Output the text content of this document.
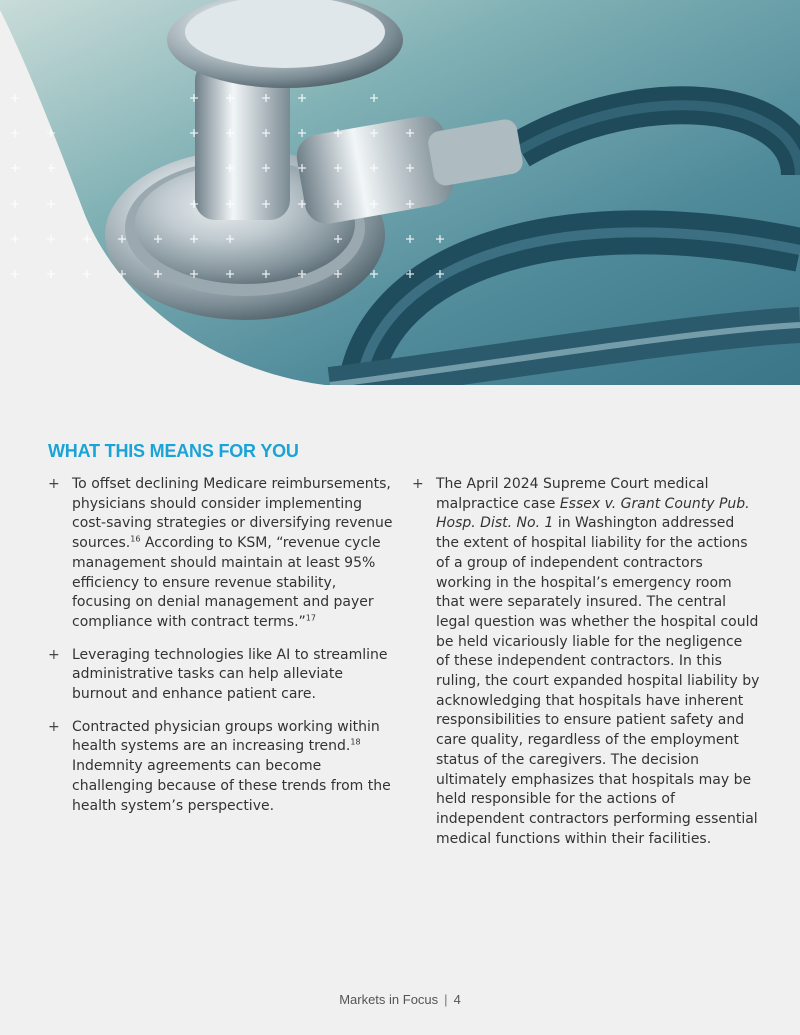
WHAT THIS MEANS FOR YOU
+ To offset declining Medicare reimbursements, physicians should consider implementing cost-saving strategies or diversifying revenue sources.$^{16}$ According to KSM, “revenue cycle management should maintain at least 95% efficiency to ensure revenue stability, focusing on denial management and payer compliance with contract terms.”$^{17}$
+ Leveraging technologies like AI to streamline administrative tasks can help alleviate burnout and enhance patient care.
+ Contracted physician groups working within health systems are an increasing trend.$^{18}$ Indemnity agreements can become challenging because of these trends from the health system’s perspective.
+ The April 2024 Supreme Court medical malpractice case Essex v. Grant County Pub. Hosp. Dist. No. 1 in Washington addressed the extent of hospital liability for the actions of a group of independent contractors working in the hospital’s emergency room that were separately insured. The central legal question was whether the hospital could be held vicariously liable for the negligence of these independent contractors. In this ruling, the court expanded hospital liability by acknowledging that hospitals have inherent responsibilities to ensure patient safety and care quality, regardless of the employment status of the caregivers. The decision ultimately emphasizes that hospitals may be held responsible for the actions of independent contractors performing essential medical functions within their facilities.
Markets in Focus | 4
